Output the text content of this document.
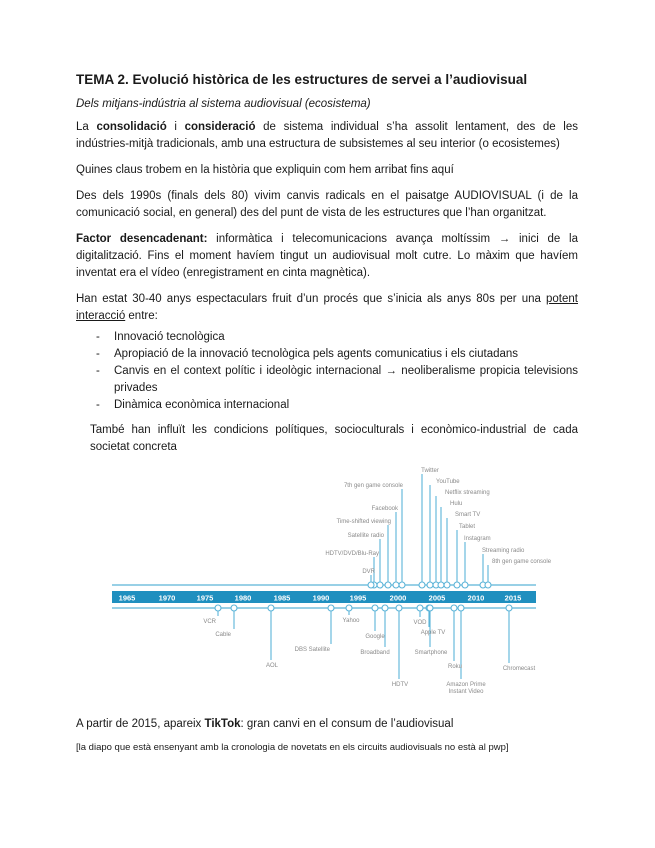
TEMA 2. Evolució històrica de les estructures de servei a l’audiovisual
Dels mitjans-indústria al sistema audiovisual (ecosistema)

La consolidació i consideració de sistema individual s’ha assolit lentament, des de les indústries-mitjà tradicionals, amb una estructura de subsistemes al seu interior (o ecosistemes)

Quines claus trobem en la història que expliquin com hem arribat fins aquí

Des dels 1990s (finals dels 80) vivim canvis radicals en el paisatge AUDIOVISUAL (i de la comunicació social, en general) des del punt de vista de les estructures que l’han organitzat.

Factor desencadenant: informàtica i telecomunicacions avança moltíssim → inici de la digitalització. Fins el moment havíem tingut un audiovisual molt cutre. Lo màxim que havíem inventat era el vídeo (enregistrament en cinta magnètica).

Han estat 30-40 anys espectaculars fruit d’un procés que s’inicia als anys 80s per una potent interacció entre:

- Innovació tecnològica
- Apropiació de la innovació tecnològica pels agents comunicatius i els ciutadans
- Canvis en el context polític i ideològic internacional → neoliberalisme propicia televisions privades
- Dinàmica econòmica internacional

També han influït les condicions polítiques, socioculturals i econòmico-industrial de cada societat concreta

1965	1970	1975	1980	1985	1990	1995	2000	2005	2010	2015
Twitter
YouTube
Netflix streaming
Hulu
Smart TV
Tablet
Instagram
Streaming radio
7th gen game console
8th gen game console
Facebook
Time-shifted viewing
Satellite radio
HDTV/DVD/Blu-Ray
DVR
VCR
Cable
AOL
DBS Satellite
Yahoo
Google
Broadband
HDTV
VOD
Apple TV
Smartphone
Roku
Amazon Prime
Instant Video
Chromecast

A partir de 2015, apareix TikTok: gran canvi en el consum de l’audiovisual

[la diapo que està ensenyant amb la cronologia de novetats en els circuits audiovisuals no està al pwp]
